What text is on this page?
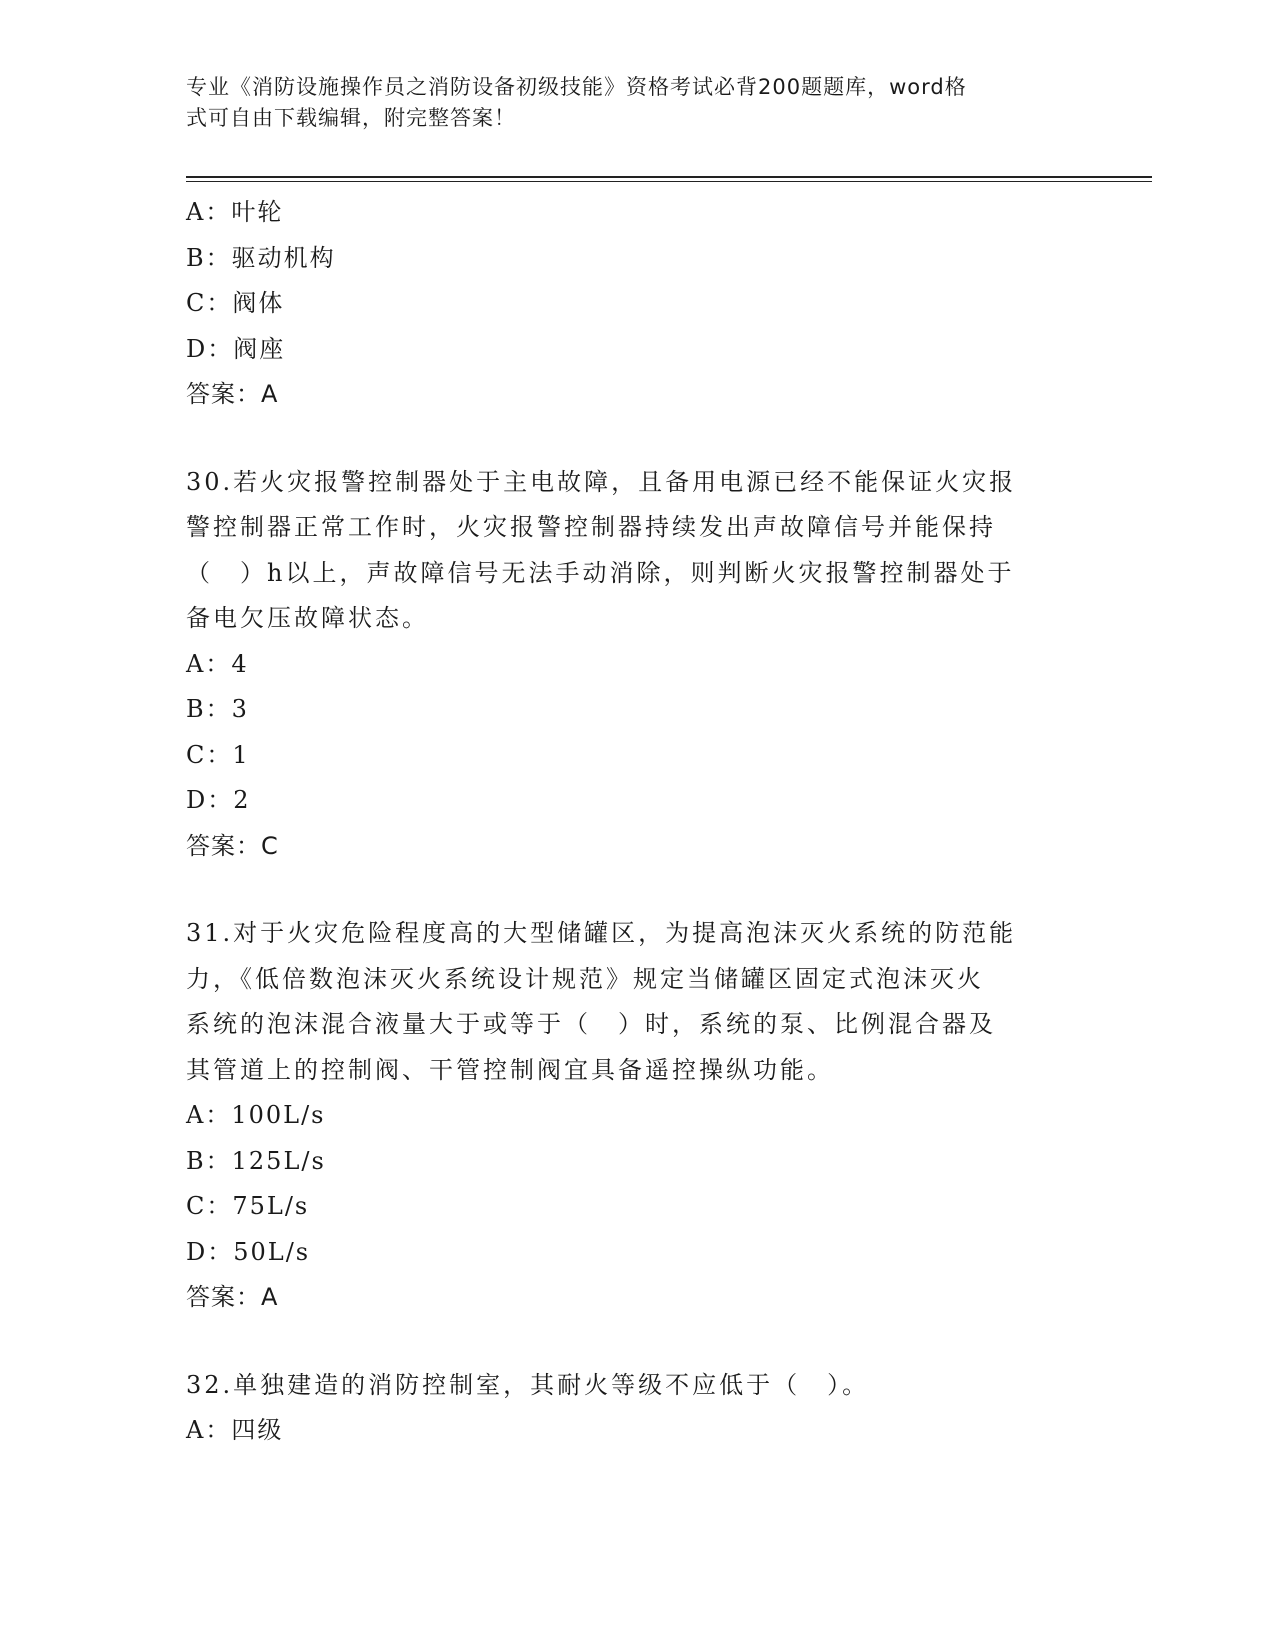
专业《消防设施操作员之消防设备初级技能》资格考试必背200题题库，word格
式可自由下载编辑，附完整答案！
A：叶轮
B：驱动机构
C：阀体
D：阀座
答案：A
30.若火灾报警控制器处于主电故障，且备用电源已经不能保证火灾报
警控制器正常工作时，火灾报警控制器持续发出声故障信号并能保持
（　）h以上，声故障信号无法手动消除，则判断火灾报警控制器处于
备电欠压故障状态。
A：4
B：3
C：1
D：2
答案：C
31.对于火灾危险程度高的大型储罐区，为提高泡沫灭火系统的防范能
力，《低倍数泡沫灭火系统设计规范》规定当储罐区固定式泡沫灭火
系统的泡沫混合液量大于或等于（　）时，系统的泵、比例混合器及
其管道上的控制阀、干管控制阀宜具备遥控操纵功能。
A：100L/s
B：125L/s
C：75L/s
D：50L/s
答案：A
32.单独建造的消防控制室，其耐火等级不应低于（　）。
A：四级
